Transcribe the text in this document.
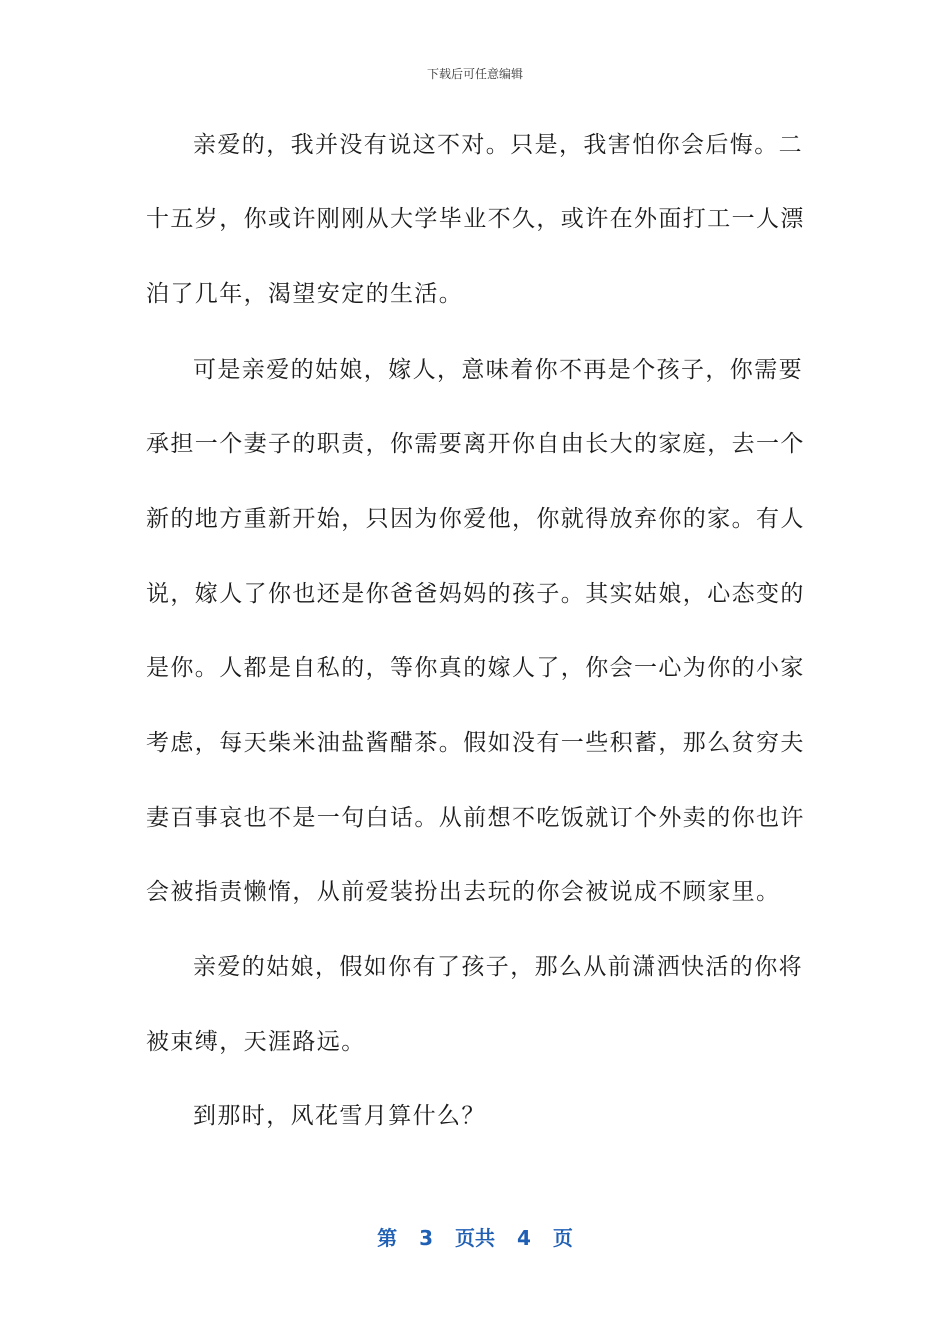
下载后可任意编辑
亲爱的，我并没有说这不对。只是，我害怕你会后悔。二
十五岁，你或许刚刚从大学毕业不久，或许在外面打工一人漂
泊了几年，渴望安定的生活。
可是亲爱的姑娘，嫁人，意味着你不再是个孩子，你需要
承担一个妻子的职责，你需要离开你自由长大的家庭，去一个
新的地方重新开始，只因为你爱他，你就得放弃你的家。有人
说，嫁人了你也还是你爸爸妈妈的孩子。其实姑娘，心态变的
是你。人都是自私的，等你真的嫁人了，你会一心为你的小家
考虑，每天柴米油盐酱醋茶。假如没有一些积蓄，那么贫穷夫
妻百事哀也不是一句白话。从前想不吃饭就订个外卖的你也许
会被指责懒惰，从前爱装扮出去玩的你会被说成不顾家里。
亲爱的姑娘，假如你有了孩子，那么从前潇洒快活的你将
被束缚，天涯路远。
到那时，风花雪月算什么？
第 3 页共 4 页
